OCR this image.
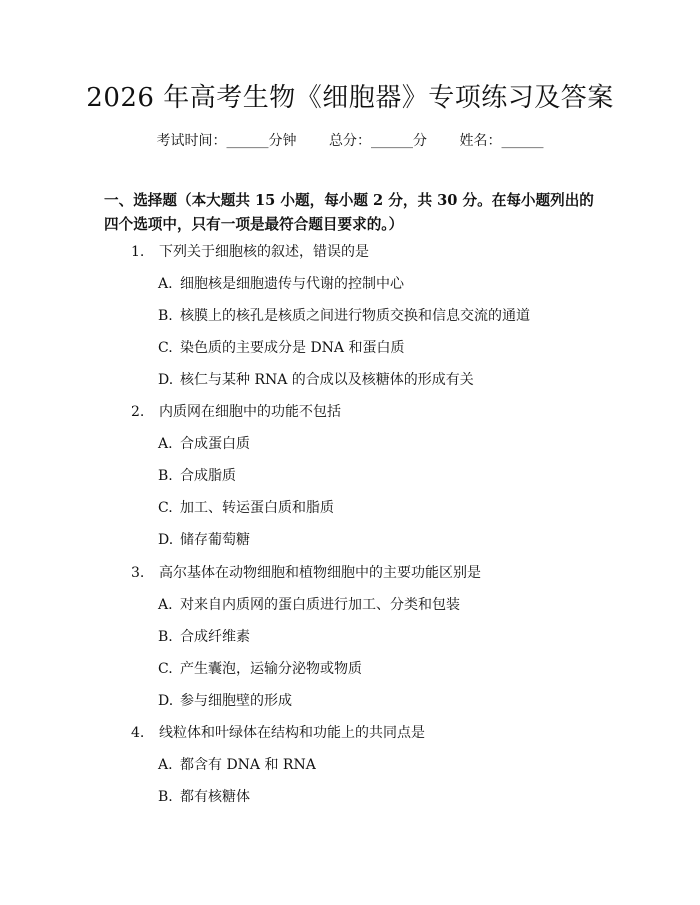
2026 年高考生物《细胞器》专项练习及答案
考试时间：______分钟 总分：______分 姓名：______
一、选择题（本大题共 15 小题，每小题 2 分，共 30 分。在每小题列出的四个选项中，只有一项是最符合题目要求的。）
1. 下列关于细胞核的叙述，错误的是
A. 细胞核是细胞遗传与代谢的控制中心
B. 核膜上的核孔是核质之间进行物质交换和信息交流的通道
C. 染色质的主要成分是 DNA 和蛋白质
D. 核仁与某种 RNA 的合成以及核糖体的形成有关
2. 内质网在细胞中的功能不包括
A. 合成蛋白质
B. 合成脂质
C. 加工、转运蛋白质和脂质
D. 储存葡萄糖
3. 高尔基体在动物细胞和植物细胞中的主要功能区别是
A. 对来自内质网的蛋白质进行加工、分类和包装
B. 合成纤维素
C. 产生囊泡，运输分泌物或物质
D. 参与细胞壁的形成
4. 线粒体和叶绿体在结构和功能上的共同点是
A. 都含有 DNA 和 RNA
B. 都有核糖体
